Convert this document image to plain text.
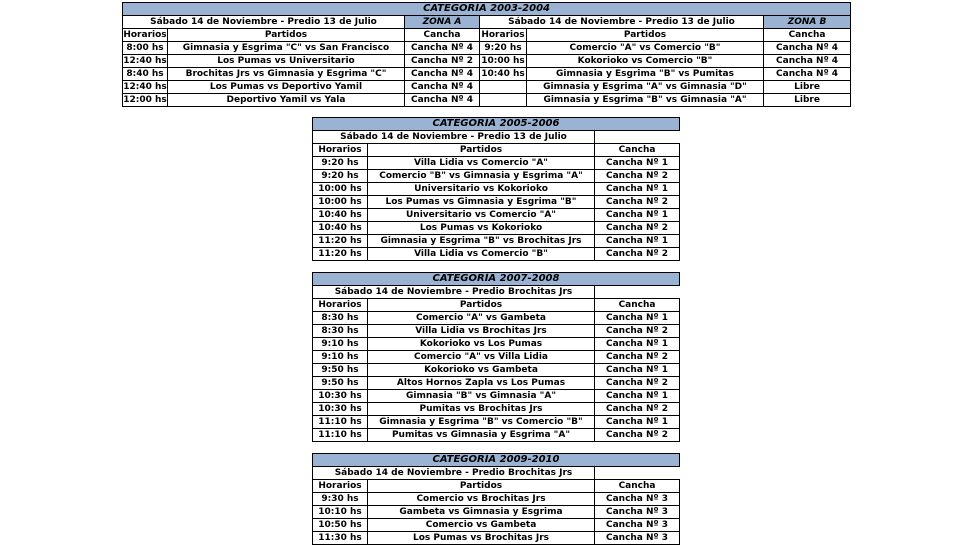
CATEGORÍA 2003-2004					
Sábado 14 de Noviembre - Predio 13 de Julio		ZONA A	Sábado 14 de Noviembre - Predio 13 de Julio		ZONA B
Horarios	Partidos	Cancha	Horarios	Partidos	Cancha
8:00 hs	Gimnasia y Esgrima "C" vs San Francisco	Cancha Nº 4	9:20 hs	Comercio "A" vs Comercio "B"	Cancha Nº 4
12:40 hs	Los Pumas vs Universitario	Cancha Nº 2	10:00 hs	Kokorioko vs Comercio "B"	Cancha Nº 4
8:40 hs	Brochitas Jrs vs Gimnasia y Esgrima "C"	Cancha Nº 4	10:40 hs	Gimnasia y Esgrima "B" vs Pumitas	Cancha Nº 4
12:40 hs	Los Pumas vs Deportivo Yamil	Cancha Nº 4		Gimnasia y Esgrima "A" vs Gimnasia "D"	Libre
12:00 hs	Deportivo Yamil vs Yala	Cancha Nº 4		Gimnasia y Esgrima "B" vs Gimnasia "A"	Libre
CATEGORÍA 2005-2006		
Sábado 14 de Noviembre - Predio 13 de Julio		
Horarios	Partidos	Cancha
9:20 hs	Villa Lidia vs Comercio "A"	Cancha Nº 1
9:20 hs	Comercio "B" vs Gimnasia y Esgrima "A"	Cancha Nº 2
10:00 hs	Universitario vs Kokorioko	Cancha Nº 1
10:00 hs	Los Pumas vs Gimnasia y Esgrima "B"	Cancha Nº 2
10:40 hs	Universitario vs Comercio "A"	Cancha Nº 1
10:40 hs	Los Pumas vs Kokorioko	Cancha Nº 2
11:20 hs	Gimnasia y Esgrima "B" vs Brochitas Jrs	Cancha Nº 1
11:20 hs	Villa Lidia vs Comercio "B"	Cancha Nº 2
CATEGORÍA 2007-2008		
Sábado 14 de Noviembre - Predio Brochitas Jrs		
Horarios	Partidos	Cancha
8:30 hs	Comercio "A" vs Gambeta	Cancha Nº 1
8:30 hs	Villa Lidia vs Brochitas Jrs	Cancha Nº 2
9:10 hs	Kokorioko vs Los Pumas	Cancha Nº 1
9:10 hs	Comercio "A" vs Villa Lidia	Cancha Nº 2
9:50 hs	Kokorioko vs Gambeta	Cancha Nº 1
9:50 hs	Altos Hornos Zapla vs Los Pumas	Cancha Nº 2
10:30 hs	Gimnasia "B" vs Gimnasia "A"	Cancha Nº 1
10:30 hs	Pumitas vs Brochitas Jrs	Cancha Nº 2
11:10 hs	Gimnasia y Esgrima "B" vs Comercio "B"	Cancha Nº 1
11:10 hs	Pumitas vs Gimnasia y Esgrima "A"	Cancha Nº 2
CATEGORÍA 2009-2010		
Sábado 14 de Noviembre - Predio Brochitas Jrs		
Horarios	Partidos	Cancha
9:30 hs	Comercio vs Brochitas Jrs	Cancha Nº 3
10:10 hs	Gambeta vs Gimnasia y Esgrima	Cancha Nº 3
10:50 hs	Comercio vs Gambeta	Cancha Nº 3
11:30 hs	Los Pumas vs Brochitas Jrs	Cancha Nº 3
